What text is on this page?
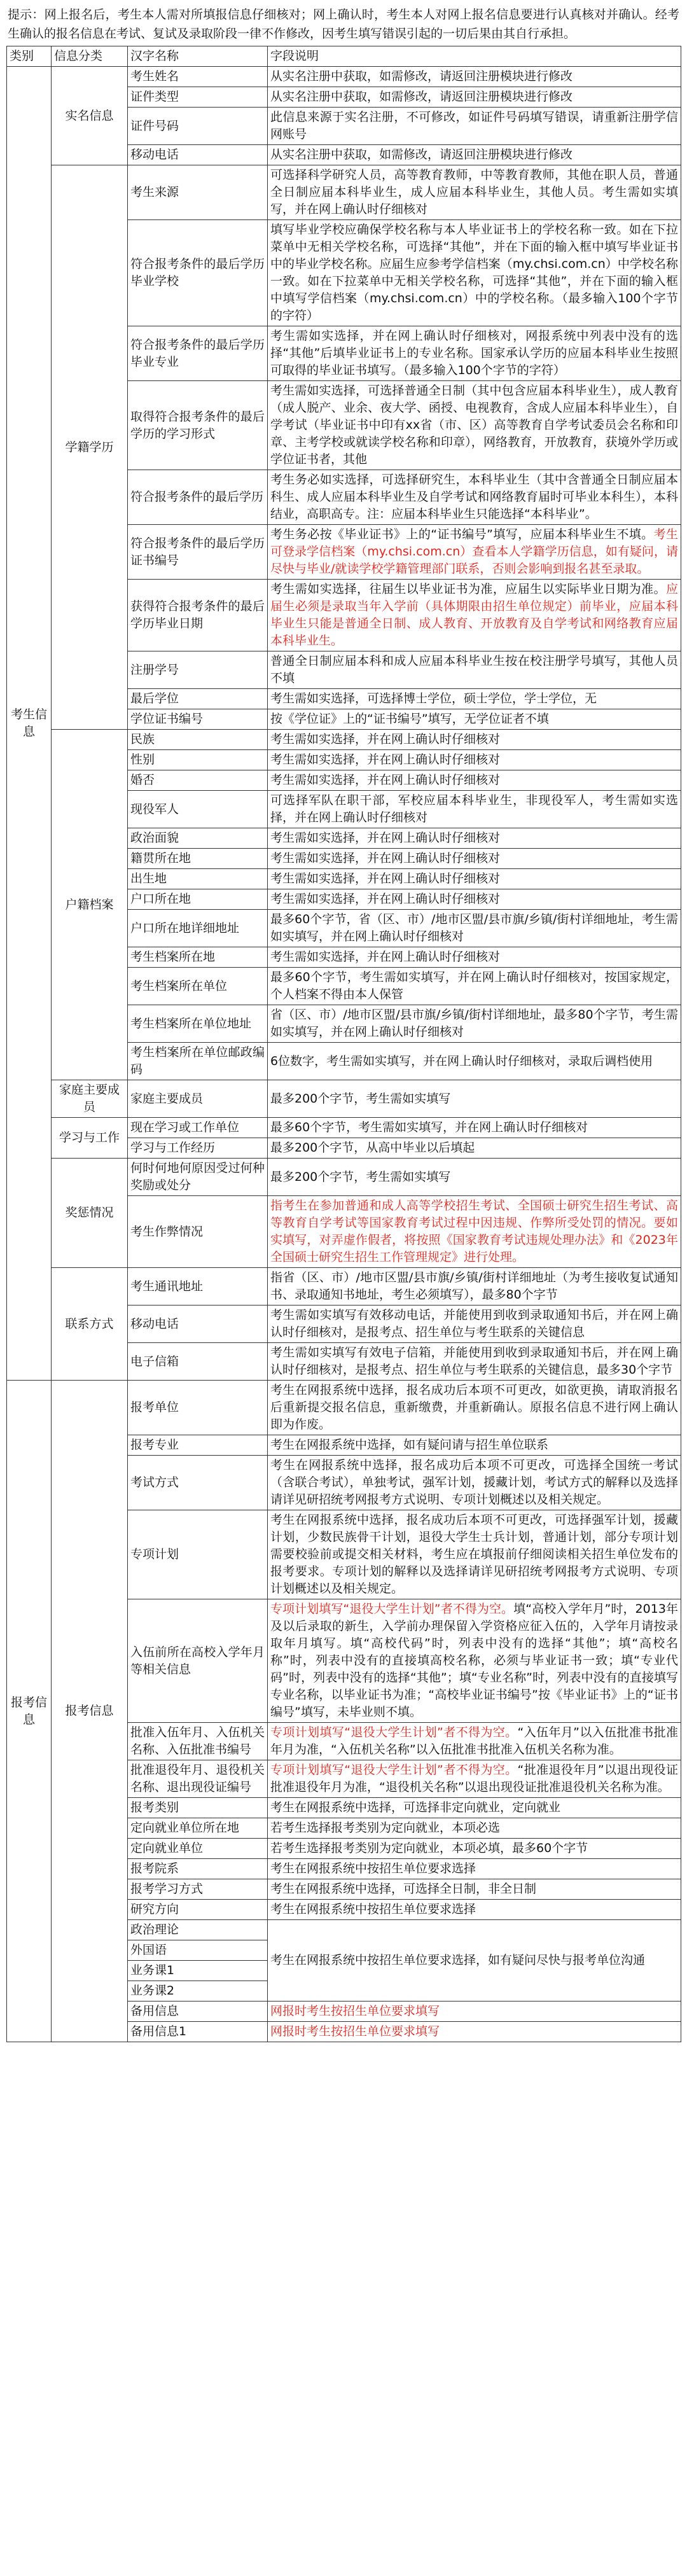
提示：网上报名后，考生本人需对所填报信息仔细核对；网上确认时，考生本人对网上报名信息要进行认真核对并确认。经考生确认的报名信息在考试、复试及录取阶段一律不作修改，因考生填写错误引起的一切后果由其自行承担。
类别	信息分类	汉字名称	字段说明
考生信息	实名信息	考生姓名	从实名注册中获取，如需修改，请返回注册模块进行修改
		证件类型	从实名注册中获取，如需修改，请返回注册模块进行修改
		证件号码	此信息来源于实名注册，不可修改，如证件号码填写错误，请重新注册学信网账号
		移动电话	从实名注册中获取，如需修改，请返回注册模块进行修改
	学籍学历	考生来源	可选择科学研究人员，高等教育教师，中等教育教师，其他在职人员，普通全日制应届本科毕业生，成人应届本科毕业生，其他人员。考生需如实填写，并在网上确认时仔细核对
		符合报考条件的最后学历毕业学校	填写毕业学校应确保学校名称与本人毕业证书上的学校名称一致。如在下拉菜单中无相关学校名称，可选择“其他”，并在下面的输入框中填写毕业证书中的毕业学校名称。应届生应参考学信档案（my.chsi.com.cn）中学校名称一致。如在下拉菜单中无相关学校名称，可选择“其他”，并在下面的输入框中填写学信档案（my.chsi.com.cn）中的学校名称。（最多输入100个字节的字符）
		符合报考条件的最后学历毕业专业	考生需如实选择，并在网上确认时仔细核对，网报系统中列表中没有的选择“其他”后填毕业证书上的专业名称。国家承认学历的应届本科毕业生按照可取得的毕业证书填写。（最多输入100个字节的字符）
		取得符合报考条件的最后学历的学习形式	考生需如实选择，可选择普通全日制（其中包含应届本科毕业生），成人教育（成人脱产、业余、夜大学、函授、电视教育，含成人应届本科毕业生），自学考试（毕业证书中印有xx省（市、区）高等教育自学考试委员会名称和印章、主考学校或就读学校名称和印章），网络教育，开放教育，获境外学历或学位证书者，其他
		符合报考条件的最后学历	考生务必如实选择，可选择研究生，本科毕业生（其中含普通全日制应届本科生、成人应届本科毕业生及自学考试和网络教育届时可毕业本科生），本科结业，高职高专。注：应届本科毕业生只能选择“本科毕业”。
		符合报考条件的最后学历证书编号	考生务必按《毕业证书》上的“证书编号”填写，应届本科毕业生不填。考生可登录学信档案（my.chsi.com.cn）查看本人学籍学历信息，如有疑问，请尽快与毕业/就读学校学籍管理部门联系，否则会影响到报名甚至录取。
		获得符合报考条件的最后学历毕业日期	考生需如实选择，往届生以毕业证书为准，应届生以实际毕业日期为准。应届生必须是录取当年入学前（具体期限由招生单位规定）前毕业，应届本科毕业生只能是普通全日制、成人教育、开放教育及自学考试和网络教育应届本科毕业生。
		注册学号	普通全日制应届本科和成人应届本科毕业生按在校注册学号填写，其他人员不填
		最后学位	考生需如实选择，可选择博士学位，硕士学位，学士学位，无
		学位证书编号	按《学位证》上的“证书编号”填写，无学位证者不填
	户籍档案	民族	考生需如实选择，并在网上确认时仔细核对
		性别	考生需如实选择，并在网上确认时仔细核对
		婚否	考生需如实选择，并在网上确认时仔细核对
		现役军人	可选择军队在职干部，军校应届本科毕业生，非现役军人，考生需如实选择，并在网上确认时仔细核对
		政治面貌	考生需如实选择，并在网上确认时仔细核对
		籍贯所在地	考生需如实选择，并在网上确认时仔细核对
		出生地	考生需如实选择，并在网上确认时仔细核对
		户口所在地	考生需如实选择，并在网上确认时仔细核对
		户口所在地详细地址	最多60个字节，省（区、市）/地市区盟/县市旗/乡镇/街村详细地址，考生需如实填写，并在网上确认时仔细核对
		考生档案所在地	考生需如实选择，并在网上确认时仔细核对
		考生档案所在单位	最多60个字节，考生需如实填写，并在网上确认时仔细核对，按国家规定，个人档案不得由本人保管
		考生档案所在单位地址	省（区、市）/地市区盟/县市旗/乡镇/街村详细地址，最多80个字节，考生需如实填写，并在网上确认时仔细核对
		考生档案所在单位邮政编码	6位数字，考生需如实填写，并在网上确认时仔细核对，录取后调档使用
	家庭主要成员	家庭主要成员	最多200个字节，考生需如实填写
	学习与工作	现在学习或工作单位	最多60个字节，考生需如实填写，并在网上确认时仔细核对
		学习与工作经历	最多200个字节，从高中毕业以后填起
	奖惩情况	何时何地何原因受过何种奖励或处分	最多200个字节，考生需如实填写
		考生作弊情况	指考生在参加普通和成人高等学校招生考试、全国硕士研究生招生考试、高等教育自学考试等国家教育考试过程中因违规、作弊所受处罚的情况。要如实填写，对弄虚作假者，将按照《国家教育考试违规处理办法》和《2023年全国硕士研究生招生工作管理规定》进行处理。
	联系方式	考生通讯地址	指省（区、市）/地市区盟/县市旗/乡镇/街村详细地址（为考生接收复试通知书、录取通知书地址，考生必须填写），最多80个字节
		移动电话	考生需如实填写有效移动电话，并能使用到收到录取通知书后，并在网上确认时仔细核对，是报考点、招生单位与考生联系的关键信息
		电子信箱	考生需如实填写有效电子信箱，并能使用到收到录取通知书后，并在网上确认时仔细核对，是报考点、招生单位与考生联系的关键信息，最多30个字节
报考信息	报考信息	报考单位	考生在网报系统中选择，报名成功后本项不可更改，如欲更换，请取消报名后重新提交报名信息，重新缴费，并重新确认。原报名信息不进行网上确认即为作废。
		报考专业	考生在网报系统中选择，如有疑问请与招生单位联系
		考试方式	考生在网报系统中选择，报名成功后本项不可更改，可选择全国统一考试（含联合考试），单独考试，强军计划，援藏计划，考试方式的解释以及选择请详见研招统考网报考方式说明、专项计划概述以及相关规定。
		专项计划	考生在网报系统中选择，报名成功后本项不可更改，可选择强军计划，援藏计划，少数民族骨干计划，退役大学生士兵计划，普通计划，部分专项计划需要校验前或提交相关材料，考生应在填报前仔细阅读相关招生单位发布的报考要求。专项计划的解释以及选择请详见研招统考网报考方式说明、专项计划概述以及相关规定。
		入伍前所在高校入学年月等相关信息	专项计划填写“退役大学生计划”者不得为空。填“高校入学年月”时，2013年及以后录取的新生，入学前办理保留入学资格应征入伍的，入学年月请按录取年月填写。填“高校代码”时，列表中没有的选择“其他”；填“高校名称”时，列表中没有的直接填高校名称，必须与毕业证书一致；填“专业代码”时，列表中没有的选择“其他”；填“专业名称”时，列表中没有的直接填写专业名称，以毕业证书为准；“高校毕业证书编号”按《毕业证书》上的“证书编号”填写，未毕业则不填。
		批准入伍年月、入伍机关名称、入伍批准书编号	专项计划填写“退役大学生计划”者不得为空。“入伍年月”以入伍批准书批准年月为准，“入伍机关名称”以入伍批准书批准入伍机关名称为准。
		批准退役年月、退役机关名称、退出现役证编号	专项计划填写“退役大学生计划”者不得为空。“批准退役年月”以退出现役证批准退役年月为准，“退役机关名称”以退出现役证批准退役机关名称为准。
		报考类别	考生在网报系统中选择，可选择非定向就业，定向就业
		定向就业单位所在地	若考生选择报考类别为定向就业，本项必选
		定向就业单位	若考生选择报考类别为定向就业，本项必填，最多60个字节
		报考院系	考生在网报系统中按招生单位要求选择
		报考学习方式	考生在网报系统中选择，可选择全日制，非全日制
		研究方向	考生在网报系统中按招生单位要求选择
		政治理论	考生在网报系统中按招生单位要求选择，如有疑问尽快与报考单位沟通
		外国语	
		业务课1	
		业务课2	
		备用信息	网报时考生按招生单位要求填写
		备用信息1	网报时考生按招生单位要求填写
